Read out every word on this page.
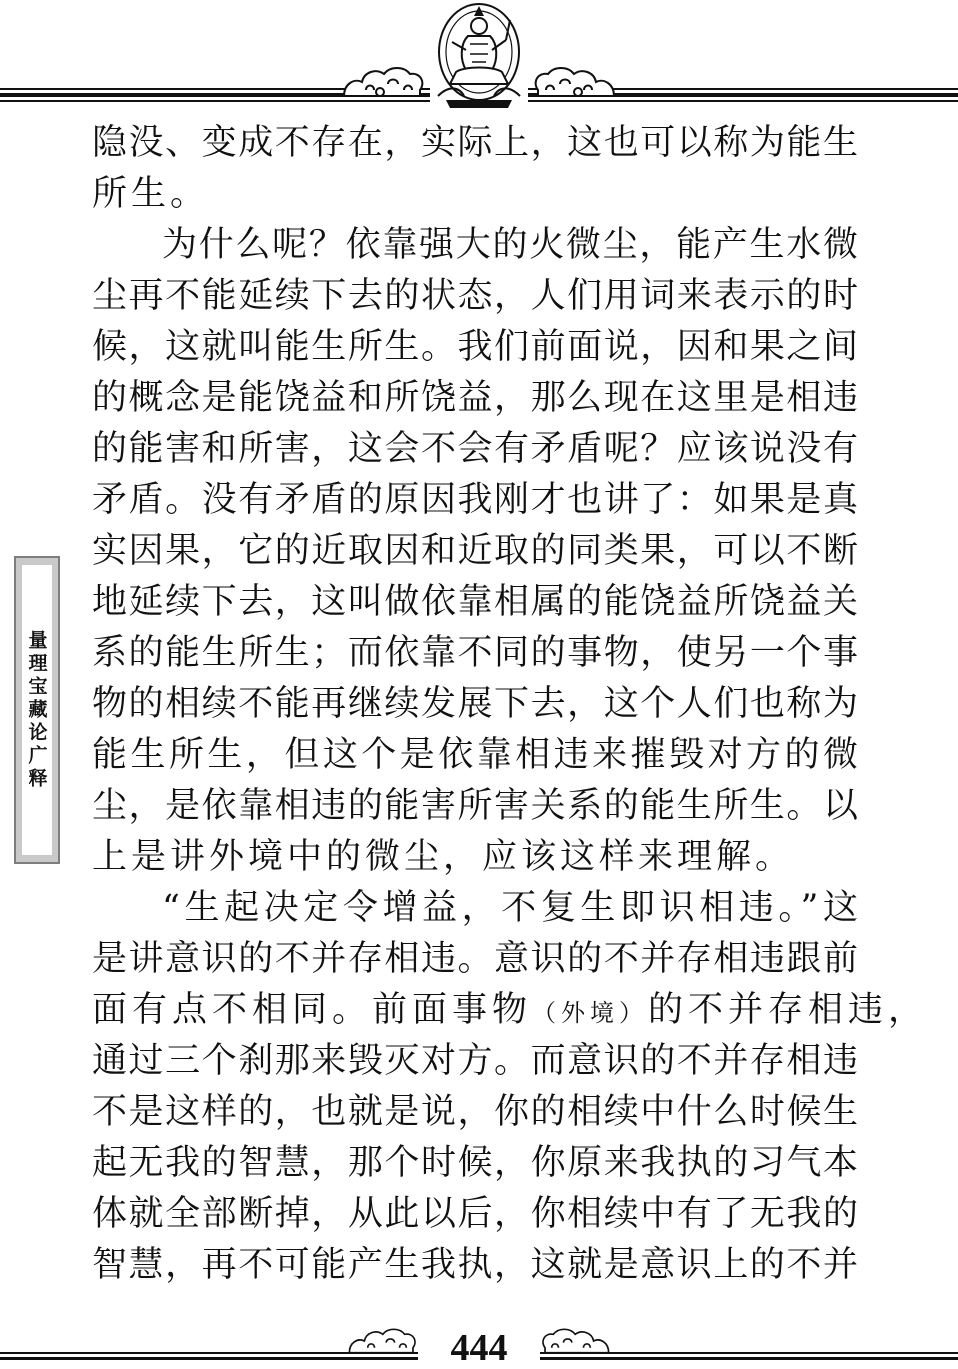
量理宝藏论广释
隐没、变成不存在，实际上，这也可以称为能生
所生。
为什么呢？依靠强大的火微尘，能产生水微
尘再不能延续下去的状态，人们用词来表示的时
候，这就叫能生所生。我们前面说，因和果之间
的概念是能饶益和所饶益，那么现在这里是相违
的能害和所害，这会不会有矛盾呢？应该说没有
矛盾。没有矛盾的原因我刚才也讲了：如果是真
实因果，它的近取因和近取的同类果，可以不断
地延续下去，这叫做依靠相属的能饶益所饶益关
系的能生所生；而依靠不同的事物，使另一个事
物的相续不能再继续发展下去，这个人们也称为
能生所生，但这个是依靠相违来摧毁对方的微
尘，是依靠相违的能害所害关系的能生所生。以
上是讲外境中的微尘，应该这样来理解。
“生起决定令增益，不复生即识相违。”这
是讲意识的不并存相违。意识的不并存相违跟前
面有点不相同。前面事物（外境）的不并存相违，
通过三个刹那来毁灭对方。而意识的不并存相违
不是这样的，也就是说，你的相续中什么时候生
起无我的智慧，那个时候，你原来我执的习气本
体就全部断掉，从此以后，你相续中有了无我的
智慧，再不可能产生我执，这就是意识上的不并
444
